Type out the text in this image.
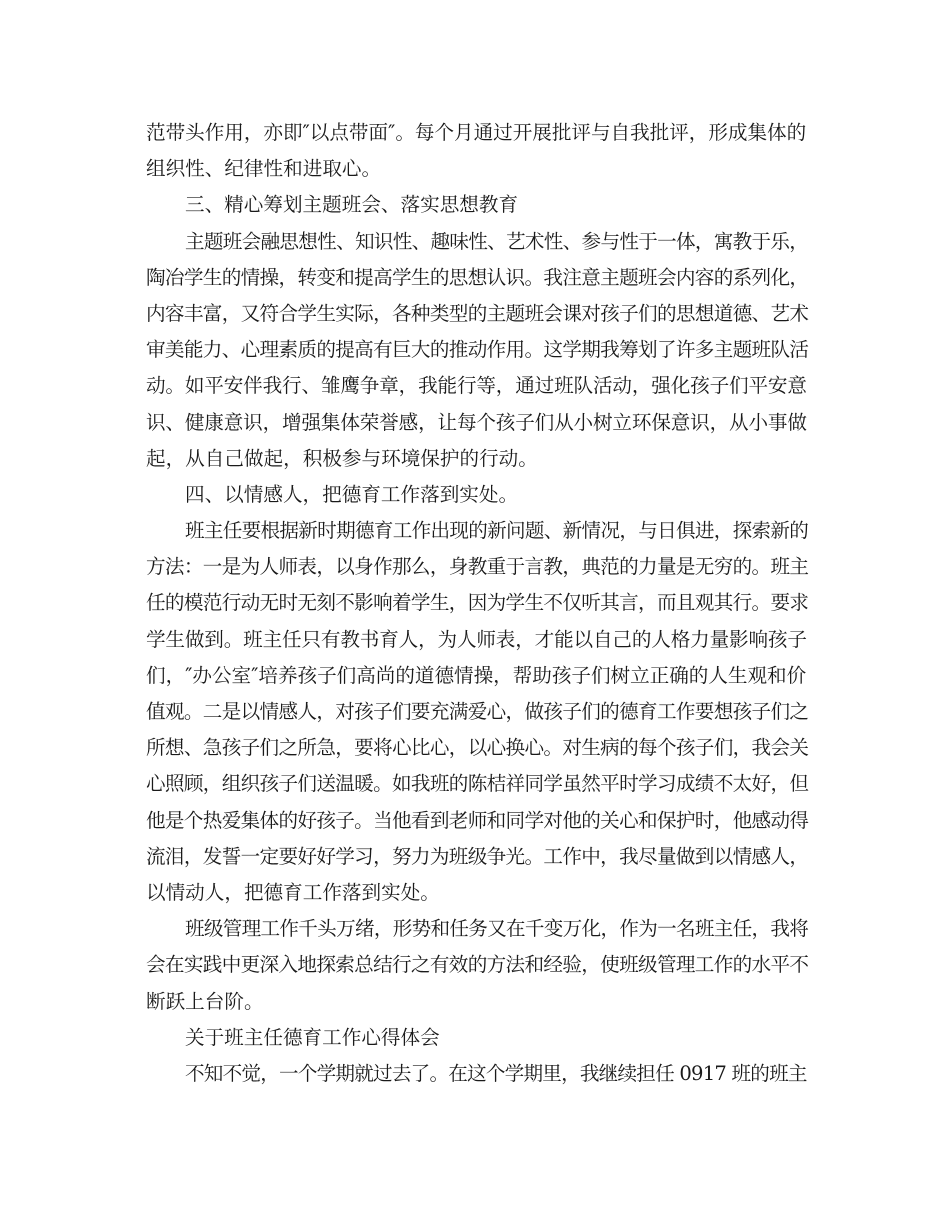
范带头作用，亦即″以点带面″。每个月通过开展批评与自我批评，形成集体的
组织性、纪律性和进取心。
三、精心筹划主题班会、落实思想教育
主题班会融思想性、知识性、趣味性、艺术性、参与性于一体，寓教于乐，
陶冶学生的情操，转变和提高学生的思想认识。我注意主题班会内容的系列化，
内容丰富，又符合学生实际，各种类型的主题班会课对孩子们的思想道德、艺术
审美能力、心理素质的提高有巨大的推动作用。这学期我筹划了许多主题班队活
动。如平安伴我行、雏鹰争章，我能行等，通过班队活动，强化孩子们平安意
识、健康意识，增强集体荣誉感，让每个孩子们从小树立环保意识，从小事做
起，从自己做起，积极参与环境保护的行动。
四、以情感人，把德育工作落到实处。
班主任要根据新时期德育工作出现的新问题、新情况，与日俱进，探索新的
方法：一是为人师表，以身作那么，身教重于言教，典范的力量是无穷的。班主
任的模范行动无时无刻不影响着学生，因为学生不仅听其言，而且观其行。要求
学生做到。班主任只有教书育人，为人师表，才能以自己的人格力量影响孩子
们，″办公室″培养孩子们高尚的道德情操，帮助孩子们树立正确的人生观和价
值观。二是以情感人，对孩子们要充满爱心，做孩子们的德育工作要想孩子们之
所想、急孩子们之所急，要将心比心，以心换心。对生病的每个孩子们，我会关
心照顾，组织孩子们送温暖。如我班的陈桔祥同学虽然平时学习成绩不太好，但
他是个热爱集体的好孩子。当他看到老师和同学对他的关心和保护时，他感动得
流泪，发誓一定要好好学习，努力为班级争光。工作中，我尽量做到以情感人，
以情动人，把德育工作落到实处。
班级管理工作千头万绪，形势和任务又在千变万化，作为一名班主任，我将
会在实践中更深入地探索总结行之有效的方法和经验，使班级管理工作的水平不
断跃上台阶。
关于班主任德育工作心得体会
不知不觉，一个学期就过去了。在这个学期里，我继续担任 0917 班的班主
